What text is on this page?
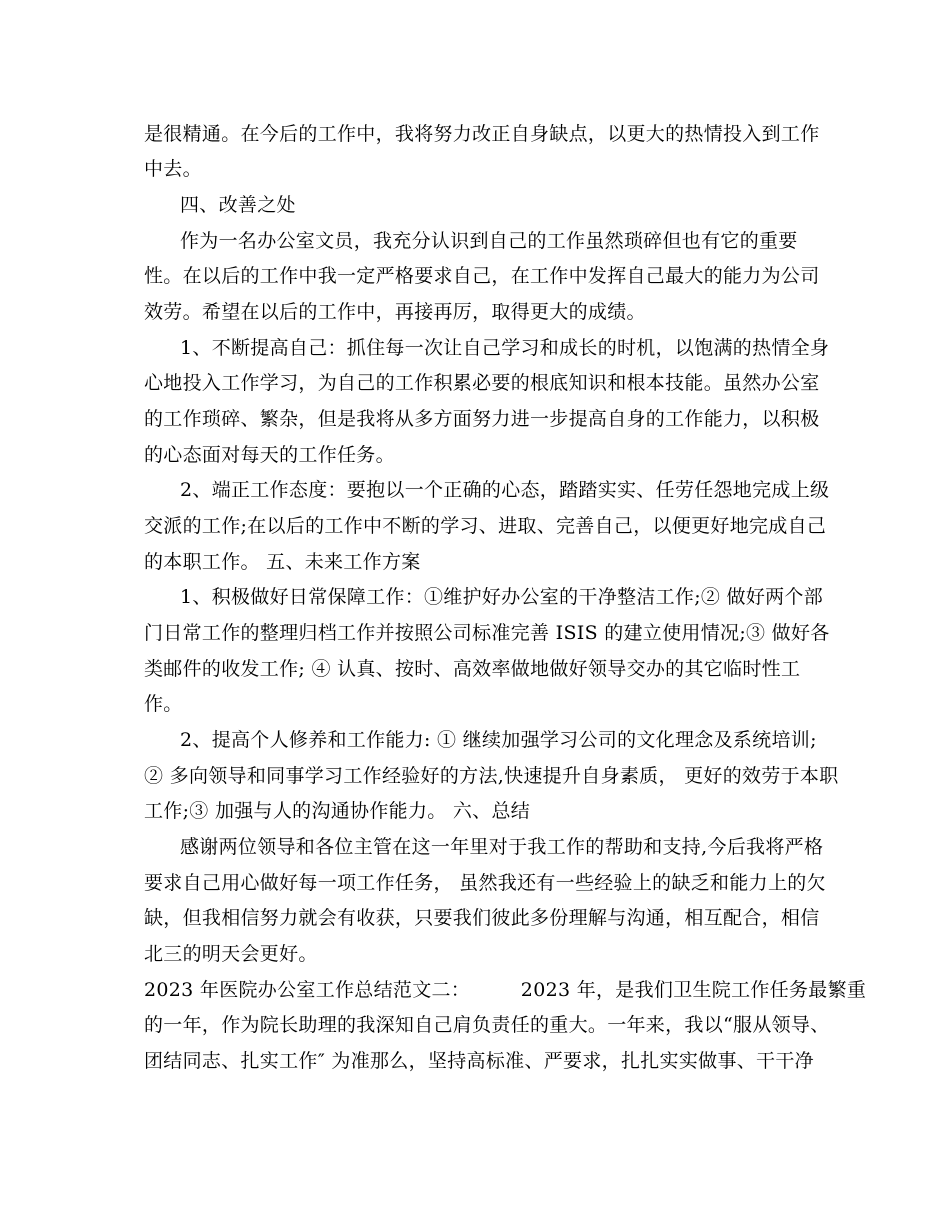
是很精通。在今后的工作中，我将努力改正自身缺点，以更大的热情投入到工作
中去。
四、改善之处
作为一名办公室文员，我充分认识到自己的工作虽然琐碎但也有它的重要
性。在以后的工作中我一定严格要求自己，在工作中发挥自己最大的能力为公司
效劳。希望在以后的工作中，再接再厉，取得更大的成绩。
1、不断提高自己：抓住每一次让自己学习和成长的时机，以饱满的热情全身
心地投入工作学习，为自己的工作积累必要的根底知识和根本技能。虽然办公室
的工作琐碎、繁杂，但是我将从多方面努力进一步提高自身的工作能力，以积极
的心态面对每天的工作任务。
2、端正工作态度：要抱以一个正确的心态，踏踏实实、任劳任怨地完成上级
交派的工作;在以后的工作中不断的学习、进取、完善自己，以便更好地完成自己
的本职工作。 五、未来工作方案
1、积极做好日常保障工作：①维护好办公室的干净整洁工作;② 做好两个部
门日常工作的整理归档工作并按照公司标准完善 ISIS 的建立使用情况;③ 做好各
类邮件的收发工作; ④ 认真、按时、高效率做地做好领导交办的其它临时性工
作。
2、提高个人修养和工作能力: ① 继续加强学习公司的文化理念及系统培训;
② 多向领导和同事学习工作经验好的方法,快速提升自身素质， 更好的效劳于本职
工作;③ 加强与人的沟通协作能力。 六、总结
感谢两位领导和各位主管在这一年里对于我工作的帮助和支持,今后我将严格
要求自己用心做好每一项工作任务， 虽然我还有一些经验上的缺乏和能力上的欠
缺，但我相信努力就会有收获，只要我们彼此多份理解与沟通，相互配合，相信
北三的明天会更好。
2023 年医院办公室工作总结范文二：        2023 年，是我们卫生院工作任务最繁重
的一年，作为院长助理的我深知自己肩负责任的重大。一年来，我以“服从领导、
团结同志、扎实工作″ 为准那么，坚持高标准、严要求，扎扎实实做事、干干净
